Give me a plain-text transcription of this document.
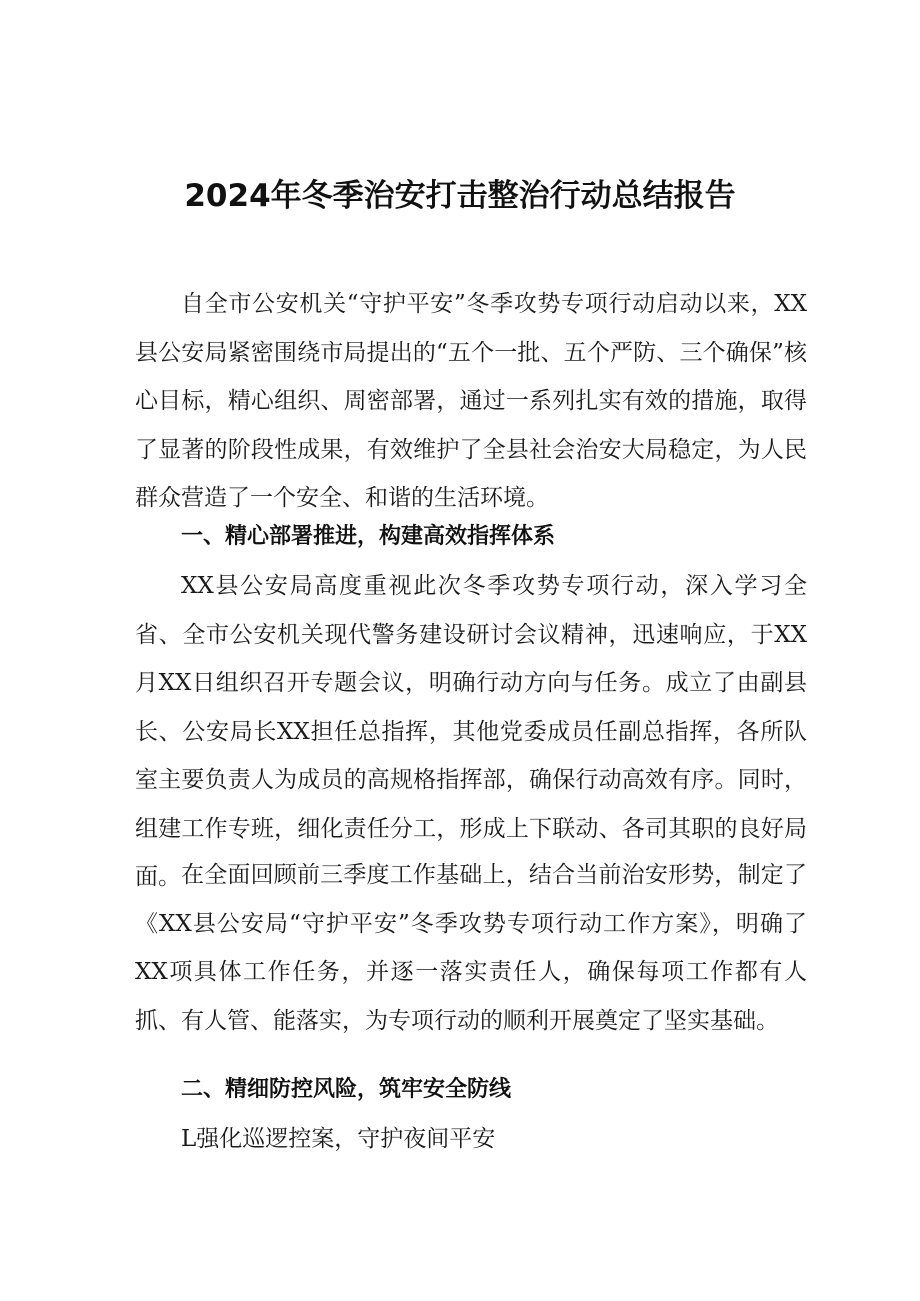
2024年冬季治安打击整治行动总结报告

自全市公安机关“守护平安”冬季攻势专项行动启动以来，XX县公安局紧密围绕市局提出的“五个一批、五个严防、三个确保”核心目标，精心组织、周密部署，通过一系列扎实有效的措施，取得了显著的阶段性成果，有效维护了全县社会治安大局稳定，为人民群众营造了一个安全、和谐的生活环境。

一、精心部署推进，构建高效指挥体系

XX县公安局高度重视此次冬季攻势专项行动，深入学习全省、全市公安机关现代警务建设研讨会议精神，迅速响应，于XX月XX日组织召开专题会议，明确行动方向与任务。成立了由副县长、公安局长XX担任总指挥，其他党委成员任副总指挥，各所队室主要负责人为成员的高规格指挥部，确保行动高效有序。同时，组建工作专班，细化责任分工，形成上下联动、各司其职的良好局面。 在全面回顾前三季度工作基础上，结合当前治安形势，制定了《XX县公安局“守护平安”冬季攻势专项行动工作方案》，明确了XX项具体工作任务，并逐一落实责任人，确保每项工作都有人抓、有人管、能落实，为专项行动的顺利开展奠定了坚实基础。

二、精细防控风险，筑牢安全防线

L强化巡逻控案，守护夜间平安
